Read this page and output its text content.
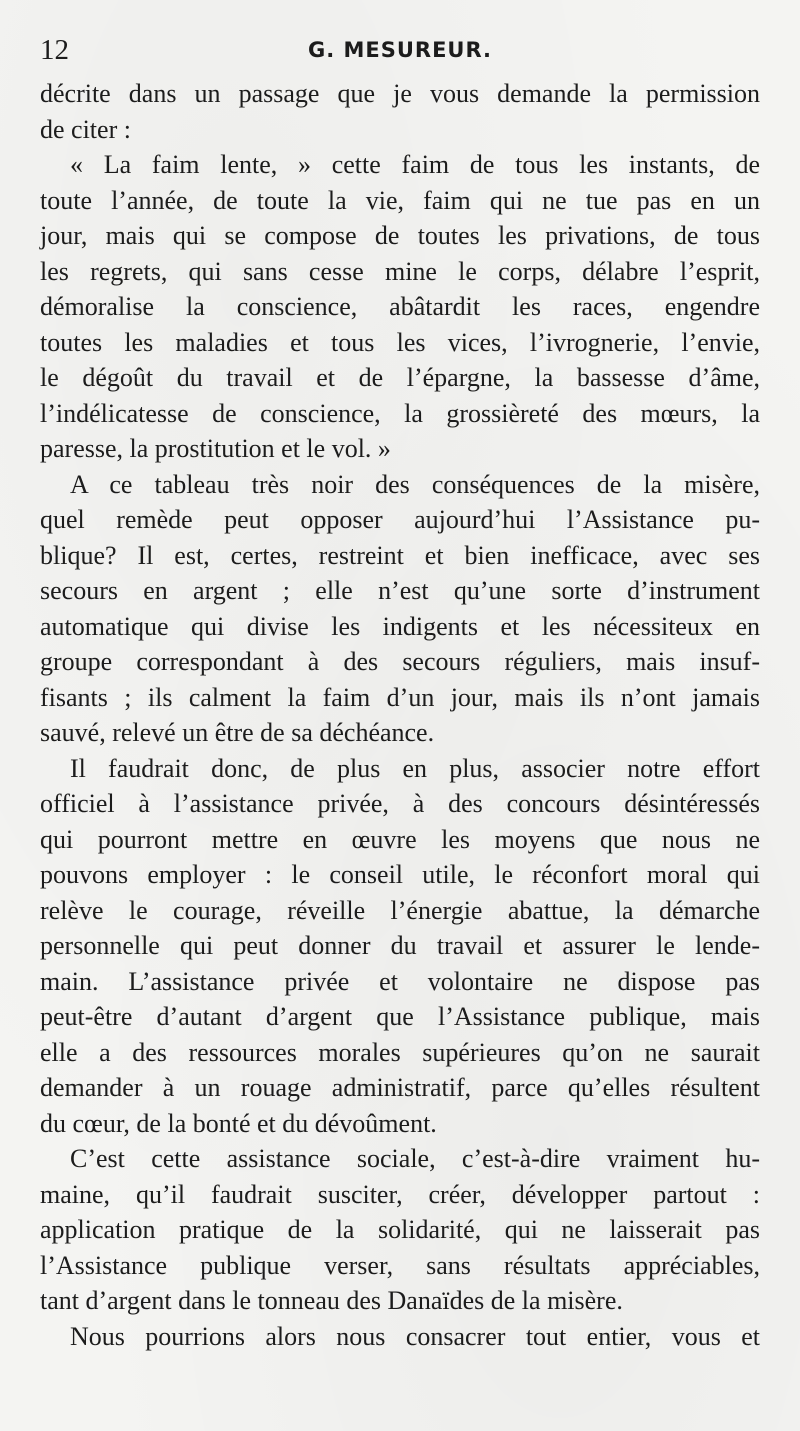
12	G. MESUREUR.
décrite dans un passage que je vous demande la permission
de citer :
« La faim lente, » cette faim de tous les instants, de
toute l’année, de toute la vie, faim qui ne tue pas en un
jour, mais qui se compose de toutes les privations, de tous
les regrets, qui sans cesse mine le corps, délabre l’esprit,
démoralise la conscience, abâtardit les races, engendre
toutes les maladies et tous les vices, l’ivrognerie, l’envie,
le dégoût du travail et de l’épargne, la bassesse d’âme,
l’indélicatesse de conscience, la grossièreté des mœurs, la
paresse, la prostitution et le vol. »
A ce tableau très noir des conséquences de la misère,
quel remède peut opposer aujourd’hui l’Assistance pu-
blique? Il est, certes, restreint et bien inefficace, avec ses
secours en argent ; elle n’est qu’une sorte d’instrument
automatique qui divise les indigents et les nécessiteux en
groupe correspondant à des secours réguliers, mais insuf-
fisants ; ils calment la faim d’un jour, mais ils n’ont jamais
sauvé, relevé un être de sa déchéance.
Il faudrait donc, de plus en plus, associer notre effort
officiel à l’assistance privée, à des concours désintéressés
qui pourront mettre en œuvre les moyens que nous ne
pouvons employer : le conseil utile, le réconfort moral qui
relève le courage, réveille l’énergie abattue, la démarche
personnelle qui peut donner du travail et assurer le lende-
main. L’assistance privée et volontaire ne dispose pas
peut-être d’autant d’argent que l’Assistance publique, mais
elle a des ressources morales supérieures qu’on ne saurait
demander à un rouage administratif, parce qu’elles résultent
du cœur, de la bonté et du dévoûment.
C’est cette assistance sociale, c’est-à-dire vraiment hu-
maine, qu’il faudrait susciter, créer, développer partout :
application pratique de la solidarité, qui ne laisserait pas
l’Assistance publique verser, sans résultats appréciables,
tant d’argent dans le tonneau des Danaïdes de la misère.
Nous pourrions alors nous consacrer tout entier, vous et
